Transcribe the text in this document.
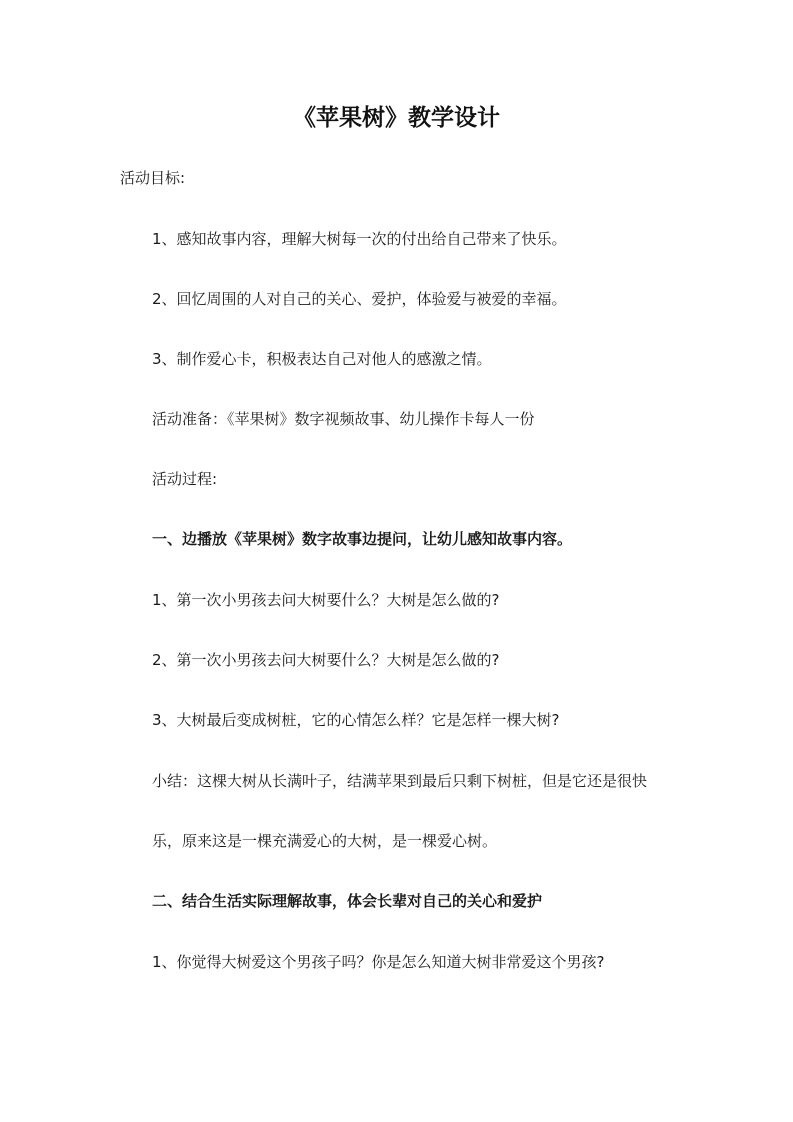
《苹果树》教学设计
活动目标:
1、感知故事内容，理解大树每一次的付出给自己带来了快乐。
2、回忆周围的人对自己的关心、爱护，体验爱与被爱的幸福。
3、制作爱心卡，积极表达自己对他人的感激之情。
活动准备：《苹果树》数字视频故事、幼儿操作卡每人一份
活动过程:
一、边播放《苹果树》数字故事边提问，让幼儿感知故事内容。
1、第一次小男孩去问大树要什么？大树是怎么做的?
2、第一次小男孩去问大树要什么？大树是怎么做的?
3、大树最后变成树桩，它的心情怎么样？它是怎样一棵大树?
小结：这棵大树从长满叶子，结满苹果到最后只剩下树桩，但是它还是很快
乐，原来这是一棵充满爱心的大树，是一棵爱心树。
二、结合生活实际理解故事，体会长辈对自己的关心和爱护
1、你觉得大树爱这个男孩子吗？你是怎么知道大树非常爱这个男孩?
